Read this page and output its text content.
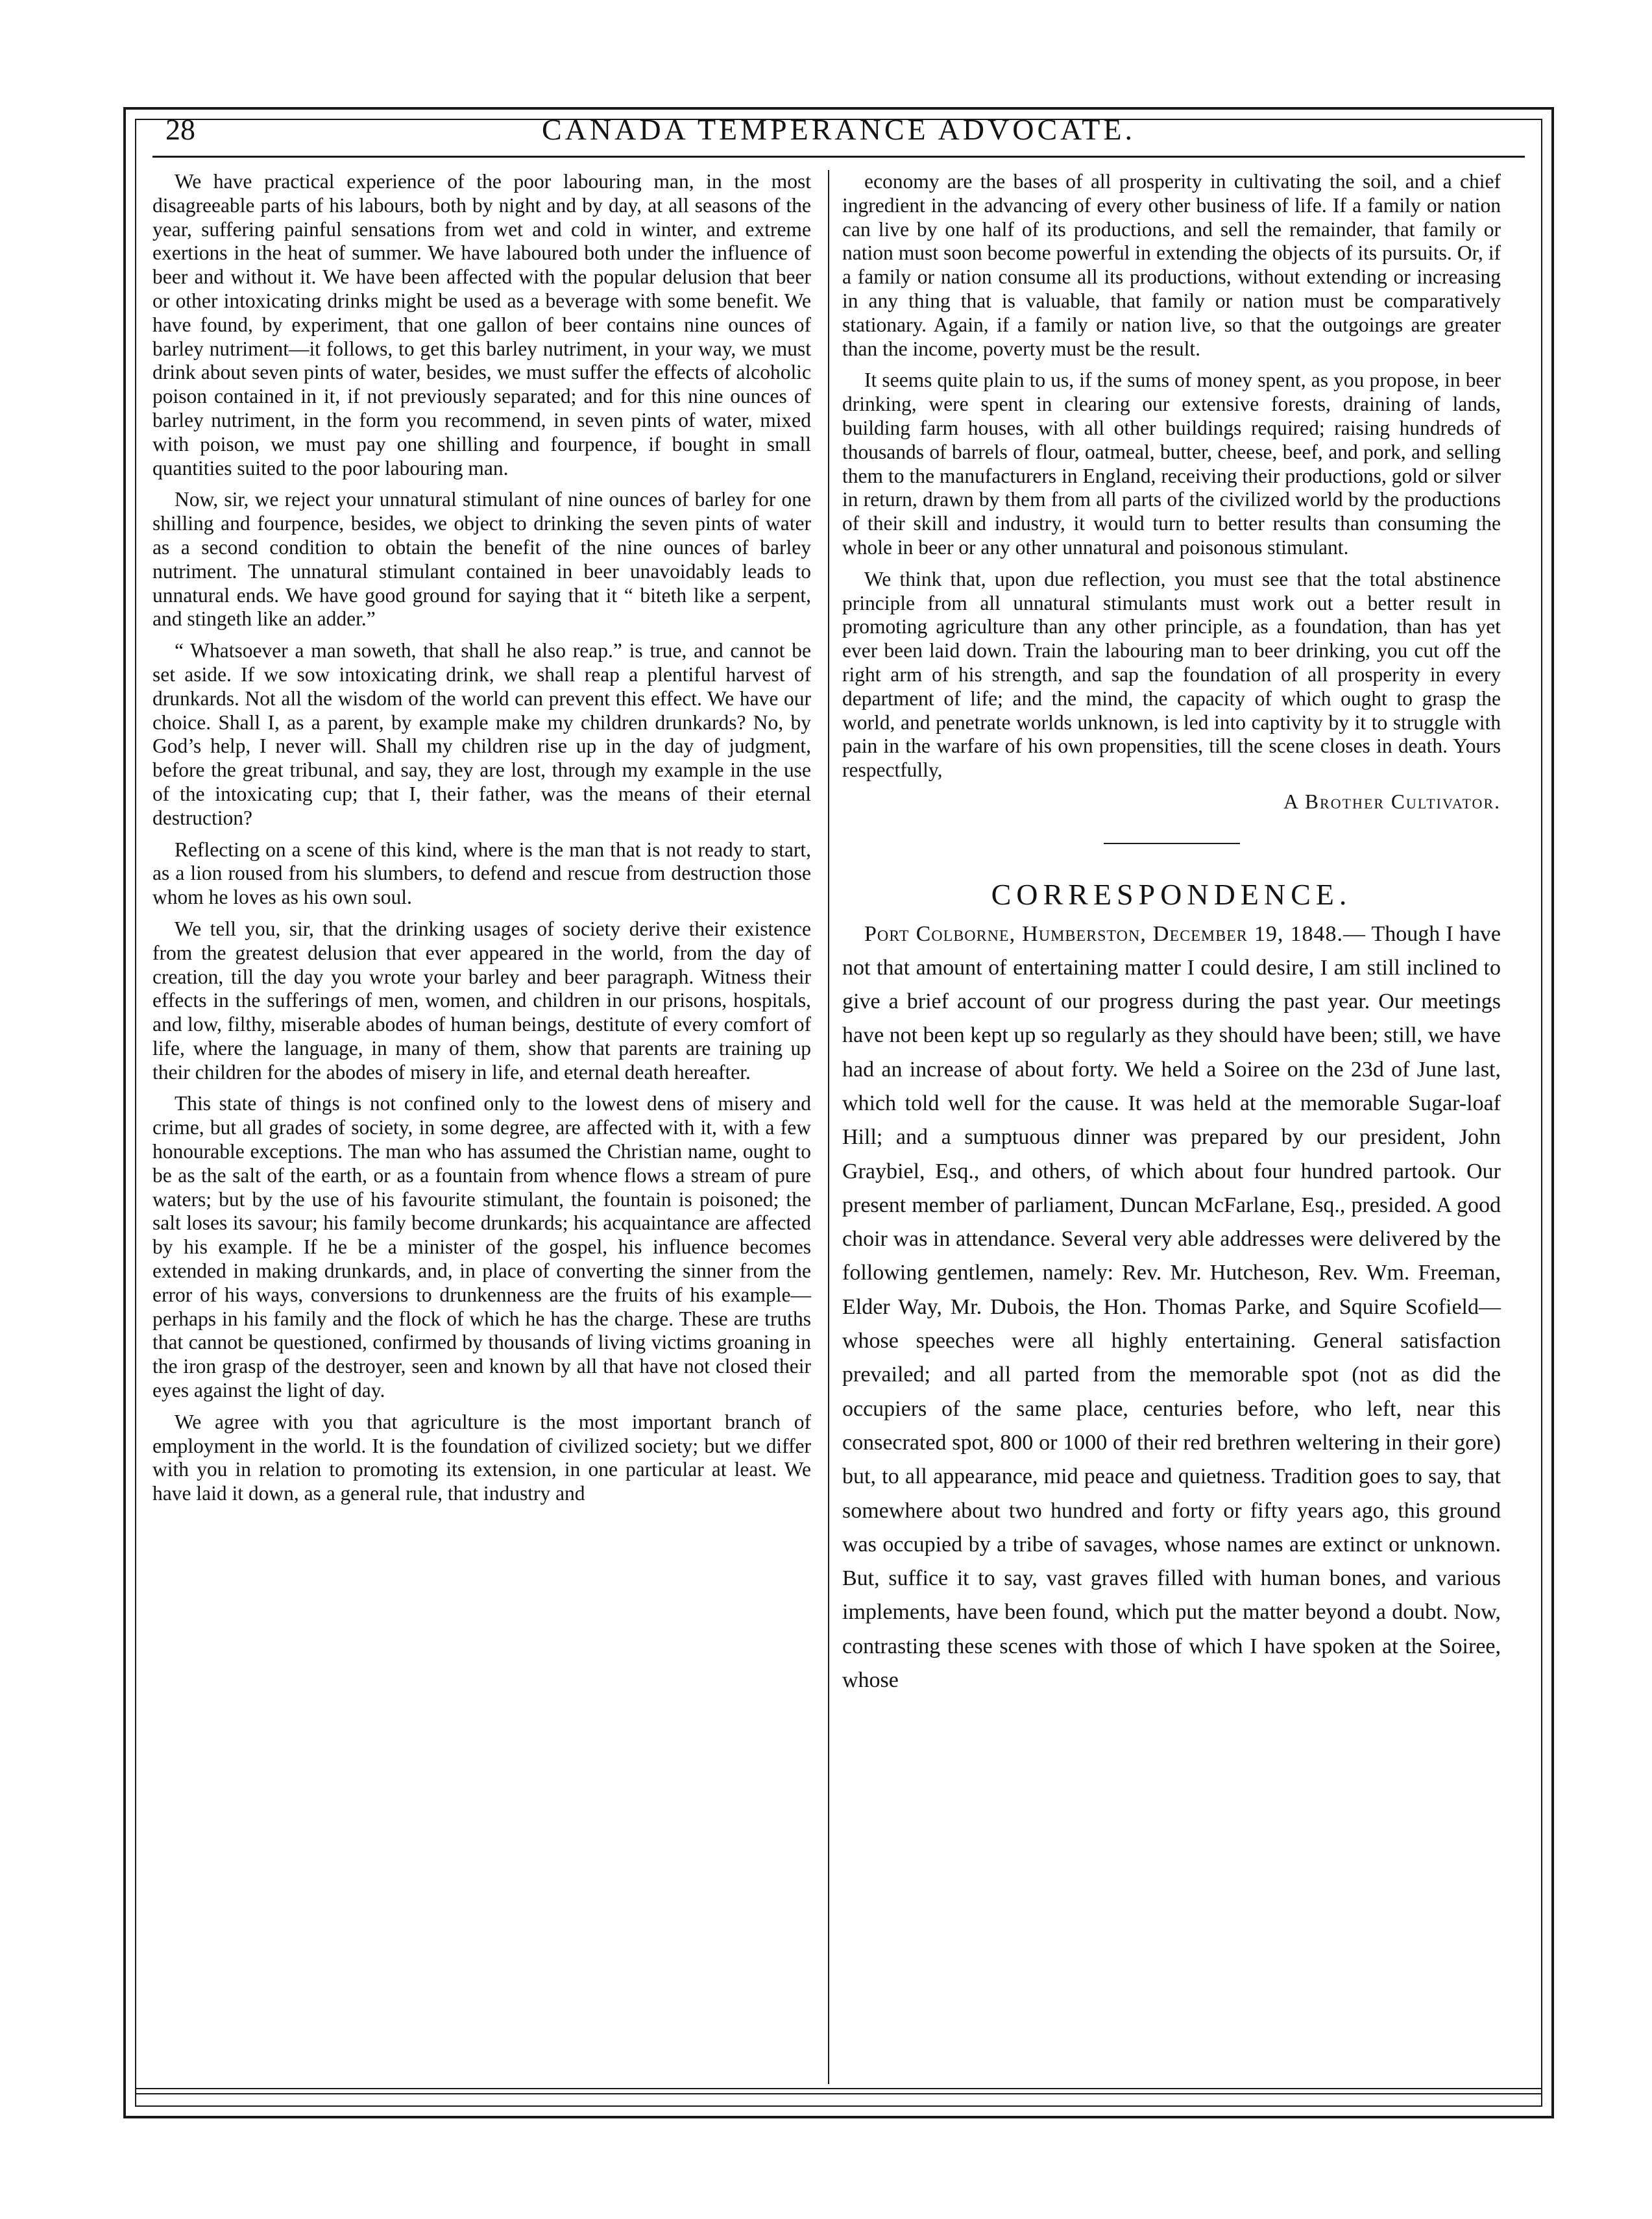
28	CANADA TEMPERANCE ADVOCATE.

We have practical experience of the poor labouring man, in the most disagreeable parts of his labours, both by night and by day, at all seasons of the year, suffering painful sensations from wet and cold in winter, and extreme exertions in the heat of summer. We have laboured both under the influence of beer and without it. We have been affected with the popular delusion that beer or other intoxicating drinks might be used as a beverage with some benefit. We have found, by experiment, that one gallon of beer contains nine ounces of barley nutriment—it follows, to get this barley nutriment, in your way, we must drink about seven pints of water, besides, we must suffer the effects of alcoholic poison contained in it, if not previously separated; and for this nine ounces of barley nutriment, in the form you recommend, in seven pints of water, mixed with poison, we must pay one shilling and fourpence, if bought in small quantities suited to the poor labouring man.

Now, sir, we reject your unnatural stimulant of nine ounces of barley for one shilling and fourpence, besides, we object to drinking the seven pints of water as a second condition to obtain the benefit of the nine ounces of barley nutriment. The unnatural stimulant contained in beer unavoidably leads to unnatural ends. We have good ground for saying that it “ biteth like a serpent, and stingeth like an adder.”

“ Whatsoever a man soweth, that shall he also reap.” is true, and cannot be set aside. If we sow intoxicating drink, we shall reap a plentiful harvest of drunkards. Not all the wisdom of the world can prevent this effect. We have our choice. Shall I, as a parent, by example make my children drunkards? No, by God’s help, I never will. Shall my children rise up in the day of judgment, before the great tribunal, and say, they are lost, through my example in the use of the intoxicating cup; that I, their father, was the means of their eternal destruction?

Reflecting on a scene of this kind, where is the man that is not ready to start, as a lion roused from his slumbers, to defend and rescue from destruction those whom he loves as his own soul.

We tell you, sir, that the drinking usages of society derive their existence from the greatest delusion that ever appeared in the world, from the day of creation, till the day you wrote your barley and beer paragraph. Witness their effects in the sufferings of men, women, and children in our prisons, hospitals, and low, filthy, miserable abodes of human beings, destitute of every comfort of life, where the language, in many of them, show that parents are training up their children for the abodes of misery in life, and eternal death hereafter.

This state of things is not confined only to the lowest dens of misery and crime, but all grades of society, in some degree, are affected with it, with a few honourable exceptions. The man who has assumed the Christian name, ought to be as the salt of the earth, or as a fountain from whence flows a stream of pure waters; but by the use of his favourite stimulant, the fountain is poisoned; the salt loses its savour; his family become drunkards; his acquaintance are affected by his example. If he be a minister of the gospel, his influence becomes extended in making drunkards, and, in place of converting the sinner from the error of his ways, conversions to drunkenness are the fruits of his example—perhaps in his family and the flock of which he has the charge. These are truths that cannot be questioned, confirmed by thousands of living victims groaning in the iron grasp of the destroyer, seen and known by all that have not closed their eyes against the light of day.

We agree with you that agriculture is the most important branch of employment in the world. It is the foundation of civilized society; but we differ with you in relation to promoting its extension, in one particular at least. We have laid it down, as a general rule, that industry and

economy are the bases of all prosperity in cultivating the soil, and a chief ingredient in the advancing of every other business of life. If a family or nation can live by one half of its productions, and sell the remainder, that family or nation must soon become powerful in extending the objects of its pursuits. Or, if a family or nation consume all its productions, without extending or increasing in any thing that is valuable, that family or nation must be comparatively stationary. Again, if a family or nation live, so that the outgoings are greater than the income, poverty must be the result.

It seems quite plain to us, if the sums of money spent, as you propose, in beer drinking, were spent in clearing our extensive forests, draining of lands, building farm houses, with all other buildings required; raising hundreds of thousands of barrels of flour, oatmeal, butter, cheese, beef, and pork, and selling them to the manufacturers in England, receiving their productions, gold or silver in return, drawn by them from all parts of the civilized world by the productions of their skill and industry, it would turn to better results than consuming the whole in beer or any other unnatural and poisonous stimulant.

We think that, upon due reflection, you must see that the total abstinence principle from all unnatural stimulants must work out a better result in promoting agriculture than any other principle, as a foundation, than has yet ever been laid down. Train the labouring man to beer drinking, you cut off the right arm of his strength, and sap the foundation of all prosperity in every department of life; and the mind, the capacity of which ought to grasp the world, and penetrate worlds unknown, is led into captivity by it to struggle with pain in the warfare of his own propensities, till the scene closes in death. Yours respectfully,

A Brother Cultivator.

CORRESPONDENCE.

Port Colborne, Humberston, December 19, 1848.— Though I have not that amount of entertaining matter I could desire, I am still inclined to give a brief account of our progress during the past year. Our meetings have not been kept up so regularly as they should have been; still, we have had an increase of about forty. We held a Soiree on the 23d of June last, which told well for the cause. It was held at the memorable Sugar-loaf Hill; and a sumptuous dinner was prepared by our president, John Graybiel, Esq., and others, of which about four hundred partook. Our present member of parliament, Duncan McFarlane, Esq., presided. A good choir was in attendance. Several very able addresses were delivered by the following gentlemen, namely: Rev. Mr. Hutcheson, Rev. Wm. Freeman, Elder Way, Mr. Dubois, the Hon. Thomas Parke, and Squire Scofield—whose speeches were all highly entertaining. General satisfaction prevailed; and all parted from the memorable spot (not as did the occupiers of the same place, centuries before, who left, near this consecrated spot, 800 or 1000 of their red brethren weltering in their gore) but, to all appearance, mid peace and quietness. Tradition goes to say, that somewhere about two hundred and forty or fifty years ago, this ground was occupied by a tribe of savages, whose names are extinct or unknown. But, suffice it to say, vast graves filled with human bones, and various implements, have been found, which put the matter beyond a doubt. Now, contrasting these scenes with those of which I have spoken at the Soiree, whose
